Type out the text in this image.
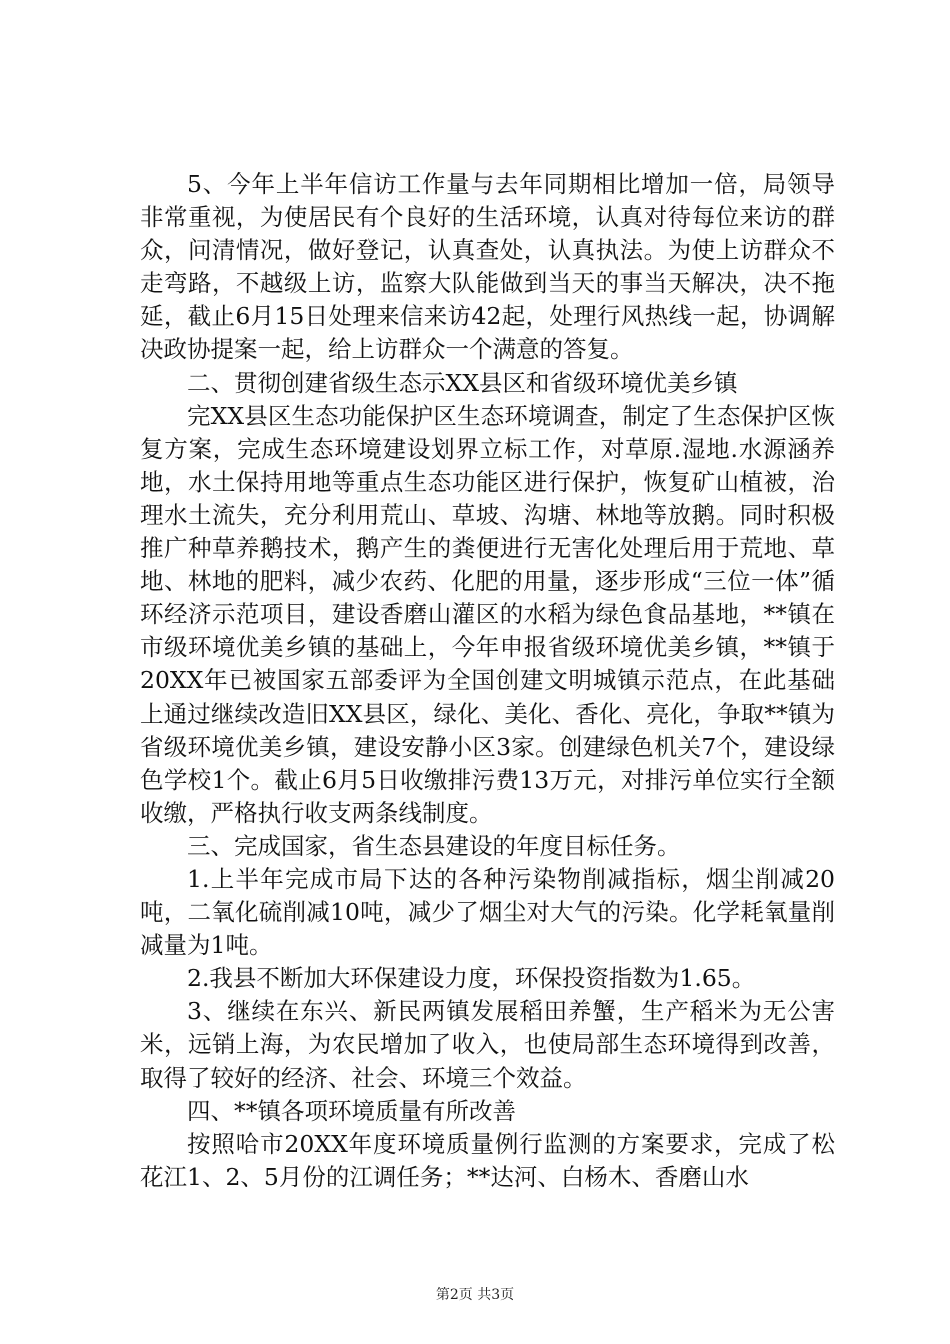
5、今年上半年信访工作量与去年同期相比增加一倍，局领导非常重视，为使居民有个良好的生活环境，认真对待每位来访的群众，问清情况，做好登记，认真查处，认真执法。为使上访群众不走弯路，不越级上访，监察大队能做到当天的事当天解决，决不拖延，截止6月15日处理来信来访42起，处理行风热线一起，协调解决政协提案一起，给上访群众一个满意的答复。

二、贯彻创建省级生态示XX县区和省级环境优美乡镇

完XX县区生态功能保护区生态环境调查，制定了生态保护区恢复方案，完成生态环境建设划界立标工作，对草原.湿地.水源涵养地，水土保持用地等重点生态功能区进行保护，恢复矿山植被，治理水土流失，充分利用荒山、草坡、沟塘、林地等放鹅。同时积极推广种草养鹅技术，鹅产生的粪便进行无害化处理后用于荒地、草地、林地的肥料，减少农药、化肥的用量，逐步形成“三位一体”循环经济示范项目，建设香磨山灌区的水稻为绿色食品基地，**镇在市级环境优美乡镇的基础上，今年申报省级环境优美乡镇，**镇于20XX年已被国家五部委评为全国创建文明城镇示范点，在此基础上通过继续改造旧XX县区，绿化、美化、香化、亮化，争取**镇为省级环境优美乡镇，建设安静小区3家。创建绿色机关7个，建设绿色学校1个。截止6月5日收缴排污费13万元，对排污单位实行全额收缴，严格执行收支两条线制度。

三、完成国家，省生态县建设的年度目标任务。

1.上半年完成市局下达的各种污染物削减指标，烟尘削减20吨，二氧化硫削减10吨，减少了烟尘对大气的污染。化学耗氧量削减量为1吨。

2.我县不断加大环保建设力度，环保投资指数为1.65。

3、继续在东兴、新民两镇发展稻田养蟹，生产稻米为无公害米，远销上海，为农民增加了收入，也使局部生态环境得到改善，取得了较好的经济、社会、环境三个效益。

四、**镇各项环境质量有所改善

按照哈市20XX年度环境质量例行监测的方案要求，完成了松花江1、2、5月份的江调任务；**达河、白杨木、香磨山水

第2页 共3页
